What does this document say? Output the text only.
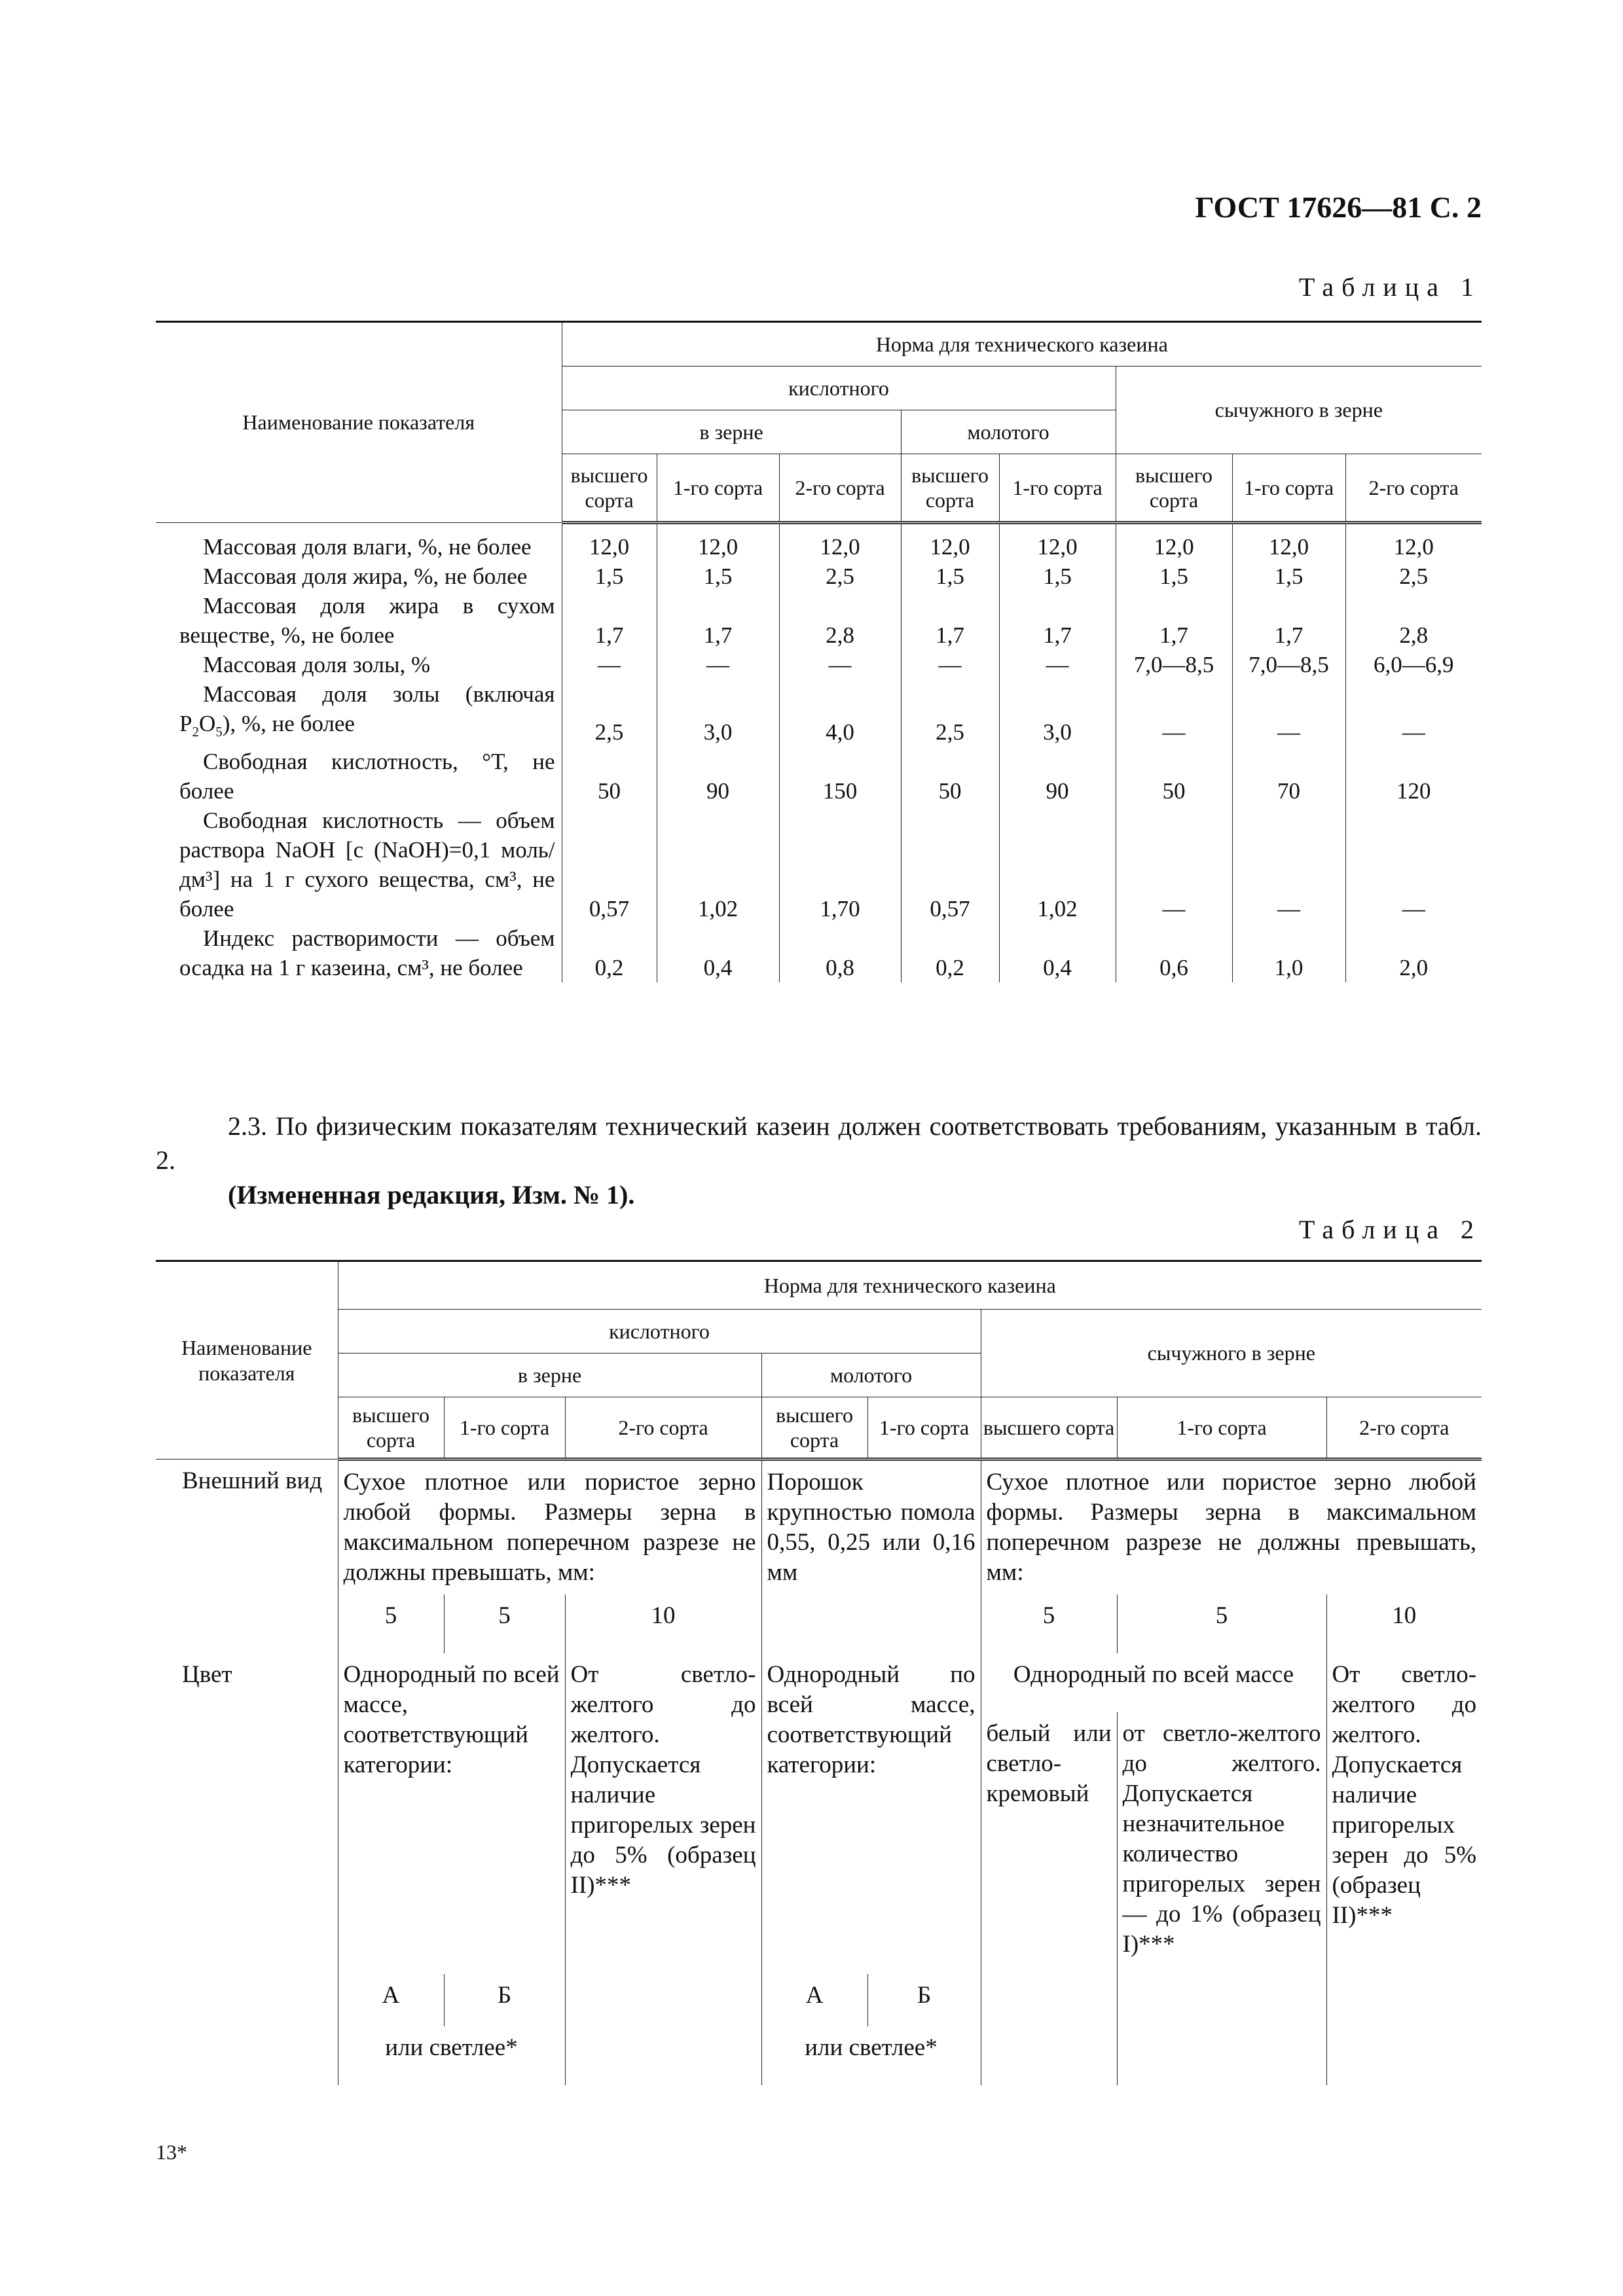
ГОСТ 17626—81 С. 2
Таблица 1
Наименование показателя	Норма для технического казеина							
	кислотного					сычужного в зерне		
	в зерне			молотого				
	высшего сорта	1-го сорта	2-го сорта	высшего сорта	1-го сорта	высшего сорта	1-го сорта	2-го сорта
Массовая доля влаги, %, не более	12,0	12,0	12,0	12,0	12,0	12,0	12,0	12,0
Массовая доля жира, %, не более	1,5	1,5	2,5	1,5	1,5	1,5	1,5	2,5
Массовая доля жира в сухом веществе, %, не более	1,7	1,7	2,8	1,7	1,7	1,7	1,7	2,8
Массовая доля золы, %	—	—	—	—	—	7,0—8,5	7,0—8,5	6,0—6,9
Массовая доля золы (включая $P_2O_5$), %, не более	2,5	3,0	4,0	2,5	3,0	—	—	—
Свободная кислотность, °Т, не более	50	90	150	50	90	50	70	120
Свободная кислотность — объем раствора NaOH [c (NaOH)=0,1 моль/дм³] на 1 г сухого вещества, см³, не более	0,57	1,02	1,70	0,57	1,02	—	—	—
Индекс растворимости — объем осадка на 1 г казеина, см³, не более	0,2	0,4	0,8	0,2	0,4	0,6	1,0	2,0
2.3. По физическим показателям технический казеин должен соответствовать требованиям, указанным в табл. 2.
(Измененная редакция, Изм. № 1).
Таблица 2
Наименование показателя	Норма для технического казеина							
	кислотного					сычужного в зерне		
	в зерне			молотого				
	высшего сорта	1-го сорта	2-го сорта	высшего сорта	1-го сорта	высшего сорта	1-го сорта	2-го сорта
Внешний вид	Сухое плотное или пористое зерно любой формы. Размеры зерна в максимальном поперечном разрезе не должны превышать, мм:			Порошок крупностью помола 0,55, 0,25 или 0,16 мм		Сухое плотное или пористое зерно любой формы. Размеры зерна в максимальном поперечном разрезе не должны превышать, мм:		
	5	5	10			5	5	10
Цвет	Однородный по всей массе, соответствующий категории:		От светло-желтого до желтого. Допускается наличие пригорелых зерен до 5% (образец II)***	Однородный по всей массе, соответствующий категории:		Однородный по всей массе		От светло-желтого до желтого. Допускается наличие пригорелых зерен до 5% (образец II)***
						белый или светло-кремовый	от светло-желтого до желтого. Допускается незначительное количество пригорелых зерен — до 1% (образец I)***	
	А	Б		А	Б			
	или светлее*			или светлее*				
13*
